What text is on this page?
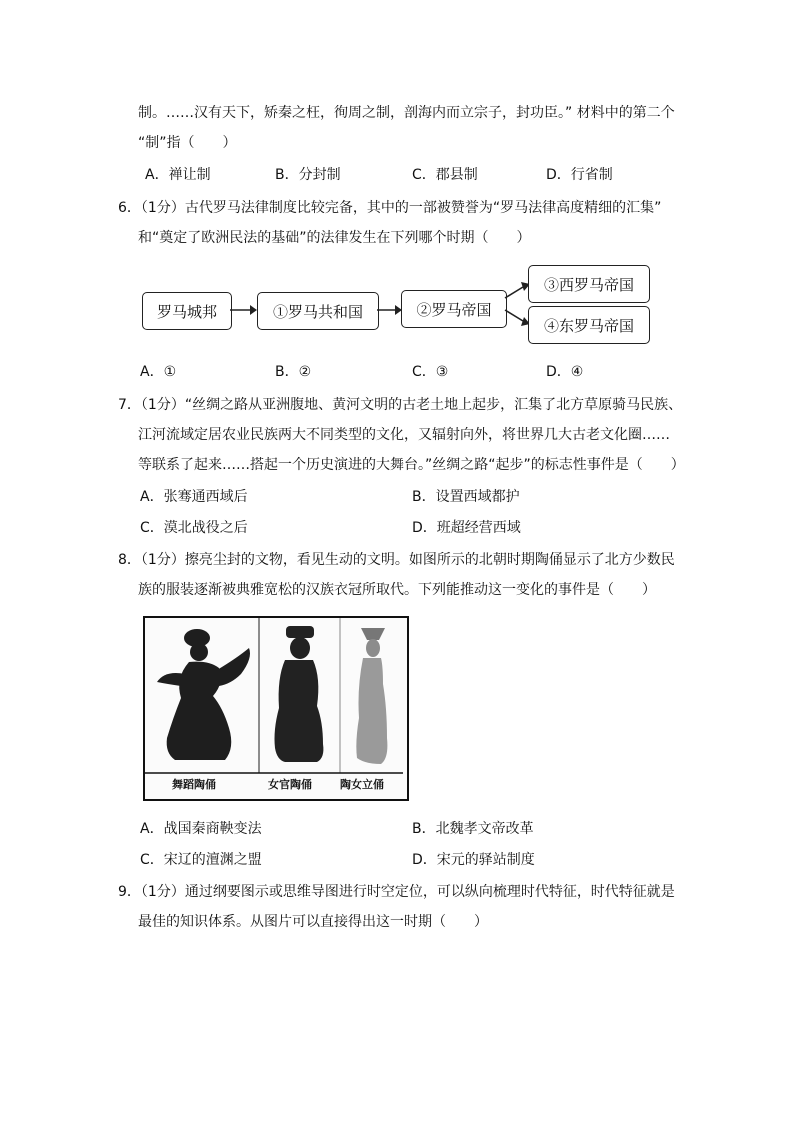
制。……汉有天下，矫秦之枉，徇周之制，剖海内而立宗子，封功臣。” 材料中的第二个
“制”指（　　）
A．禅让制	B．分封制	C．郡县制	D．行省制
6．（1分）古代罗马法律制度比较完备，其中的一部被赞誉为“罗马法律高度精细的汇集”
和“奠定了欧洲民法的基础”的法律发生在下列哪个时期（　　）
罗马城邦	①罗马共和国	②罗马帝国
③西罗马帝国
④东罗马帝国
A．①	B．②	C．③	D．④
7．（1分）“丝绸之路从亚洲腹地、黄河文明的古老土地上起步，汇集了北方草原骑马民族、
江河流域定居农业民族两大不同类型的文化，又辐射向外，将世界几大古老文化圈……
等联系了起来……搭起一个历史演进的大舞台。”丝绸之路“起步”的标志性事件是（　　）
A．张骞通西域后	B．设置西域都护
C．漠北战役之后	D．班超经营西域
8．（1分）擦亮尘封的文物，看见生动的文明。如图所示的北朝时期陶俑显示了北方少数民
族的服装逐渐被典雅宽松的汉族衣冠所取代。下列能推动这一变化的事件是（　　）
舞蹈陶俑	女官陶俑	陶女立俑
A．战国秦商鞅变法	B．北魏孝文帝改革
C．宋辽的澶渊之盟	D．宋元的驿站制度
9．（1分）通过纲要图示或思维导图进行时空定位，可以纵向梳理时代特征，时代特征就是
最佳的知识体系。从图片可以直接得出这一时期（　　）
